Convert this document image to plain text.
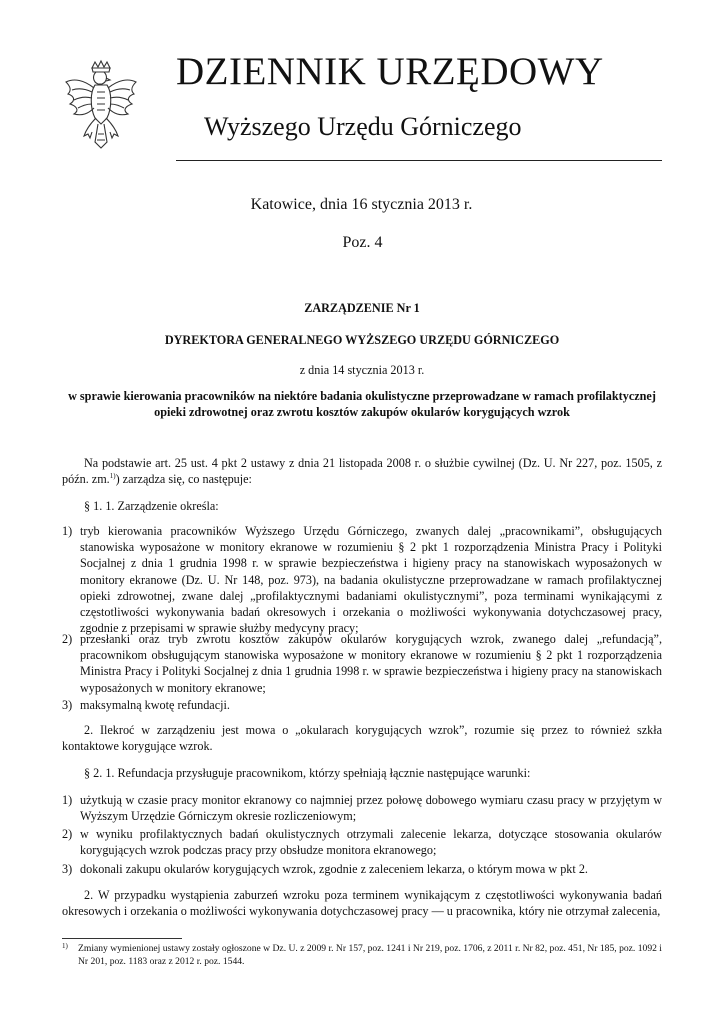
DZIENNIK URZĘDOWY
Wyższego Urzędu Górniczego
Katowice, dnia 16 stycznia 2013 r.
Poz. 4
ZARZĄDZENIE Nr 1
DYREKTORA GENERALNEGO WYŻSZEGO URZĘDU GÓRNICZEGO
z dnia 14 stycznia 2013 r.
w sprawie kierowania pracowników na niektóre badania okulistyczne przeprowadzane w ramach profilaktycznej
opieki zdrowotnej oraz zwrotu kosztów zakupów okularów korygujących wzrok
Na podstawie art. 25 ust. 4 pkt 2 ustawy z dnia 21 listopada 2008 r. o służbie cywilnej (Dz. U. Nr 227, poz. 1505, z późn. zm.$^{1)}$) zarządza się, co następuje:
§ 1. 1. Zarządzenie określa:
1) tryb kierowania pracowników Wyższego Urzędu Górniczego, zwanych dalej „pracownikami”, obsługujących stanowiska wyposażone w monitory ekranowe w rozumieniu § 2 pkt 1 rozporządzenia Ministra Pracy i Polityki Socjalnej z dnia 1 grudnia 1998 r. w sprawie bezpieczeństwa i higieny pracy na stanowiskach wyposażonych w monitory ekranowe (Dz. U. Nr 148, poz. 973), na badania okulistyczne przeprowadzane w ramach profilaktycznej opieki zdrowotnej, zwane dalej „profilaktycznymi badaniami okulistycznymi”, poza terminami wynikającymi z częstotliwości wykonywania badań okresowych i orzekania o możliwości wykonywania dotychczasowej pracy, zgodnie z przepisami w sprawie służby medycyny pracy;
2) przesłanki oraz tryb zwrotu kosztów zakupów okularów korygujących wzrok, zwanego dalej „refundacją”, pracownikom obsługującym stanowiska wyposażone w monitory ekranowe w rozumieniu § 2 pkt 1 rozporządzenia Ministra Pracy i Polityki Socjalnej z dnia 1 grudnia 1998 r. w sprawie bezpieczeństwa i higieny pracy na stanowiskach wyposażonych w monitory ekranowe;
3) maksymalną kwotę refundacji.
2. Ilekroć w zarządzeniu jest mowa o „okularach korygujących wzrok”, rozumie się przez to również szkła kontaktowe korygujące wzrok.
§ 2. 1. Refundacja przysługuje pracownikom, którzy spełniają łącznie następujące warunki:
1) użytkują w czasie pracy monitor ekranowy co najmniej przez połowę dobowego wymiaru czasu pracy w przyjętym w Wyższym Urzędzie Górniczym okresie rozliczeniowym;
2) w wyniku profilaktycznych badań okulistycznych otrzymali zalecenie lekarza, dotyczące stosowania okularów korygujących wzrok podczas pracy przy obsłudze monitora ekranowego;
3) dokonali zakupu okularów korygujących wzrok, zgodnie z zaleceniem lekarza, o którym mowa w pkt 2.
2. W przypadku wystąpienia zaburzeń wzroku poza terminem wynikającym z częstotliwości wykonywania badań okresowych i orzekania o możliwości wykonywania dotychczasowej pracy — u pracownika, który nie otrzymał zalecenia,
1) Zmiany wymienionej ustawy zostały ogłoszone w Dz. U. z 2009 r. Nr 157, poz. 1241 i Nr 219, poz. 1706, z 2011 r. Nr 82, poz. 451, Nr 185, poz. 1092 i Nr 201, poz. 1183 oraz z 2012 r. poz. 1544.
